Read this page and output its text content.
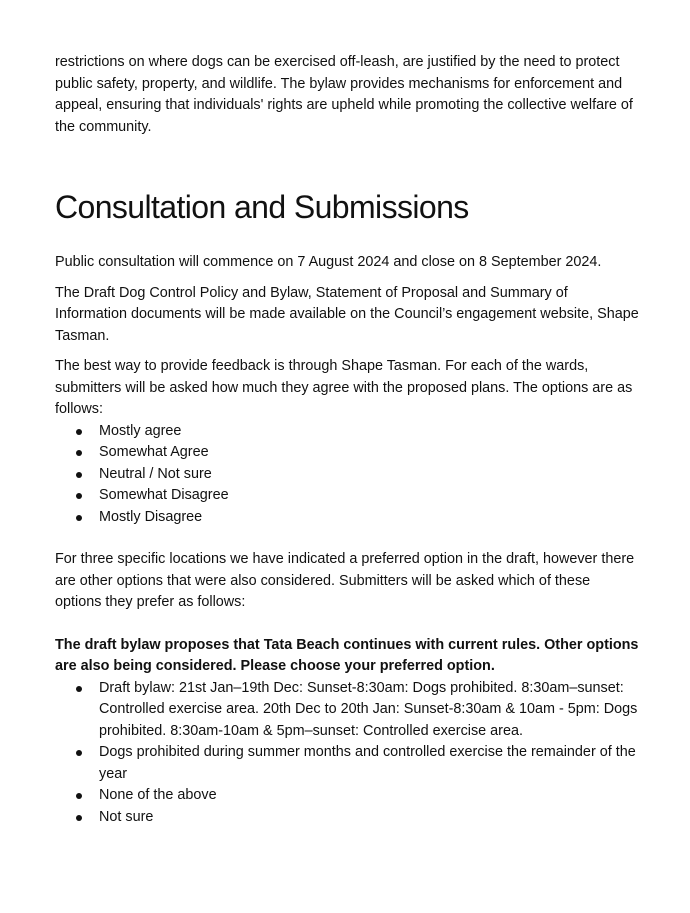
restrictions on where dogs can be exercised off-leash, are justified by the need to protect public safety, property, and wildlife. The bylaw provides mechanisms for enforcement and appeal, ensuring that individuals' rights are upheld while promoting the collective welfare of the community.

Consultation and Submissions

Public consultation will commence on 7 August 2024 and close on 8 September 2024.

The Draft Dog Control Policy and Bylaw, Statement of Proposal and Summary of Information documents will be made available on the Council’s engagement website, Shape Tasman.

The best way to provide feedback is through Shape Tasman. For each of the wards, submitters will be asked how much they agree with the proposed plans. The options are as follows:

Mostly agree
Somewhat Agree
Neutral / Not sure
Somewhat Disagree
Mostly Disagree

For three specific locations we have indicated a preferred option in the draft, however there are other options that were also considered. Submitters will be asked which of these options they prefer as follows:

The draft bylaw proposes that Tata Beach continues with current rules. Other options are also being considered. Please choose your preferred option.

Draft bylaw: 21st Jan–19th Dec: Sunset-8:30am: Dogs prohibited. 8:30am–sunset: Controlled exercise area. 20th Dec to 20th Jan: Sunset-8:30am & 10am - 5pm: Dogs prohibited. 8:30am-10am & 5pm–sunset: Controlled exercise area.
Dogs prohibited during summer months and controlled exercise the remainder of the year
None of the above
Not sure
